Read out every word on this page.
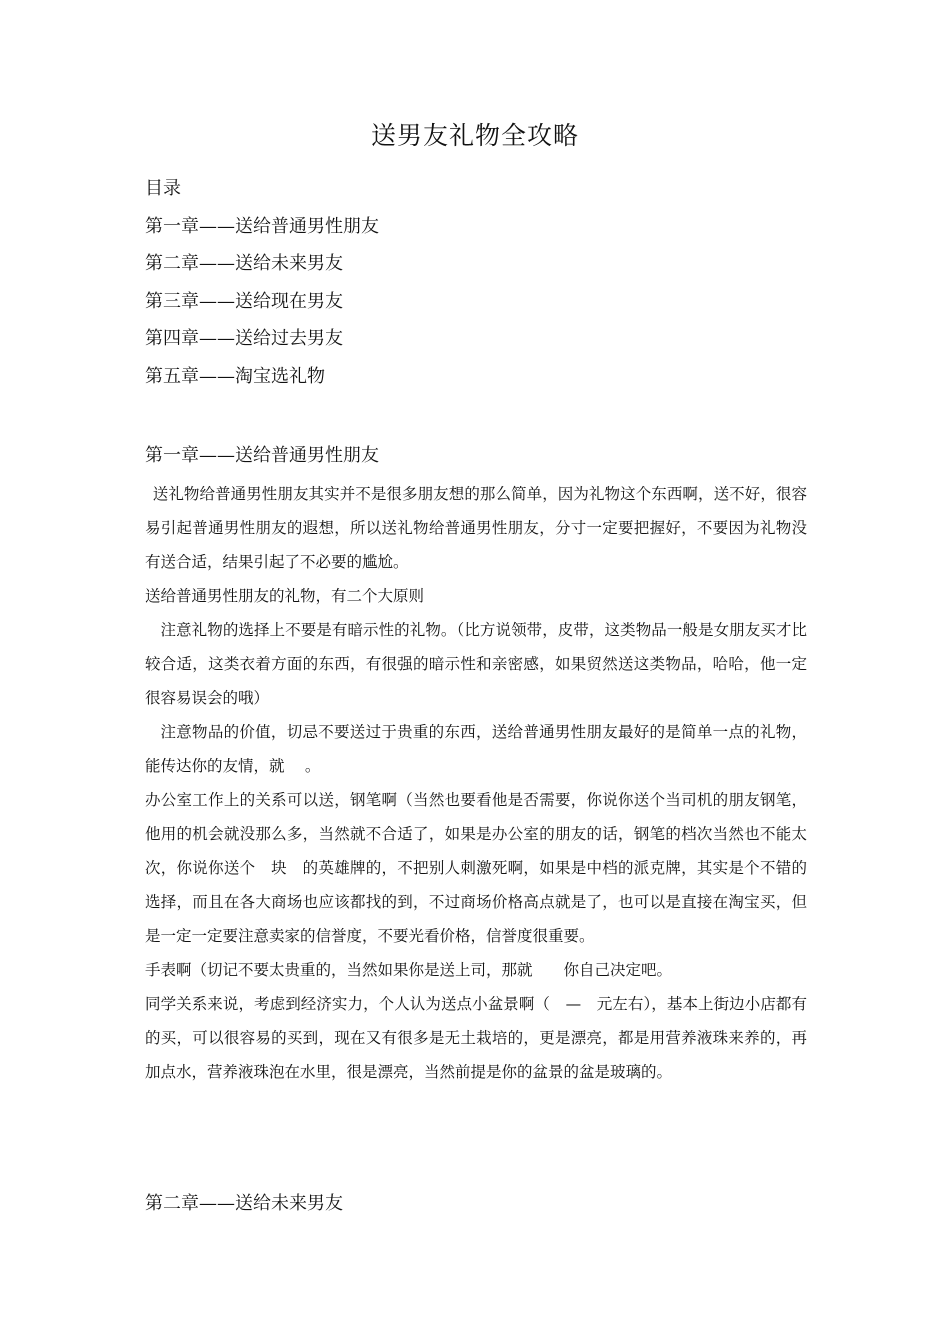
送男友礼物全攻略
目录
第一章——送给普通男性朋友
第二章——送给未来男友
第三章——送给现在男友
第四章——送给过去男友
第五章——淘宝选礼物
第一章——送给普通男性朋友

送礼物给普通男性朋友其实并不是很多朋友想的那么简单，因为礼物这个东西啊，送不好，很容易引起普通男性朋友的遐想，所以送礼物给普通男性朋友，分寸一定要把握好，不要因为礼物没有送合适，结果引起了不必要的尴尬。

送给普通男性朋友的礼物，有二个大原则

注意礼物的选择上不要是有暗示性的礼物。（比方说领带，皮带，这类物品一般是女朋友买才比较合适，这类衣着方面的东西，有很强的暗示性和亲密感，如果贸然送这类物品，哈哈，他一定很容易误会的哦）

注意物品的价值，切忌不要送过于贵重的东西，送给普通男性朋友最好的是简单一点的礼物，能传达你的友情，就 　。

办公室工作上的关系可以送，钢笔啊（当然也要看他是否需要，你说你送个当司机的朋友钢笔，他用的机会就没那么多，当然就不合适了，如果是办公室的朋友的话，钢笔的档次当然也不能太次，你说你送个　块　的英雄牌的，不把别人刺激死啊，如果是中档的派克牌，其实是个不错的选择，而且在各大商场也应该都找的到，不过商场价格高点就是了，也可以是直接在淘宝买，但是一定一定要注意卖家的信誉度，不要光看价格，信誉度很重要。

手表啊（切记不要太贵重的，当然如果你是送上司，那就　　你自己决定吧。

同学关系来说，考虑到经济实力，个人认为送点小盆景啊（　—　元左右），基本上街边小店都有的买，可以很容易的买到，现在又有很多是无土栽培的，更是漂亮，都是用营养液珠来养的，再加点水，营养液珠泡在水里，很是漂亮，当然前提是你的盆景的盆是玻璃的。

第二章——送给未来男友
